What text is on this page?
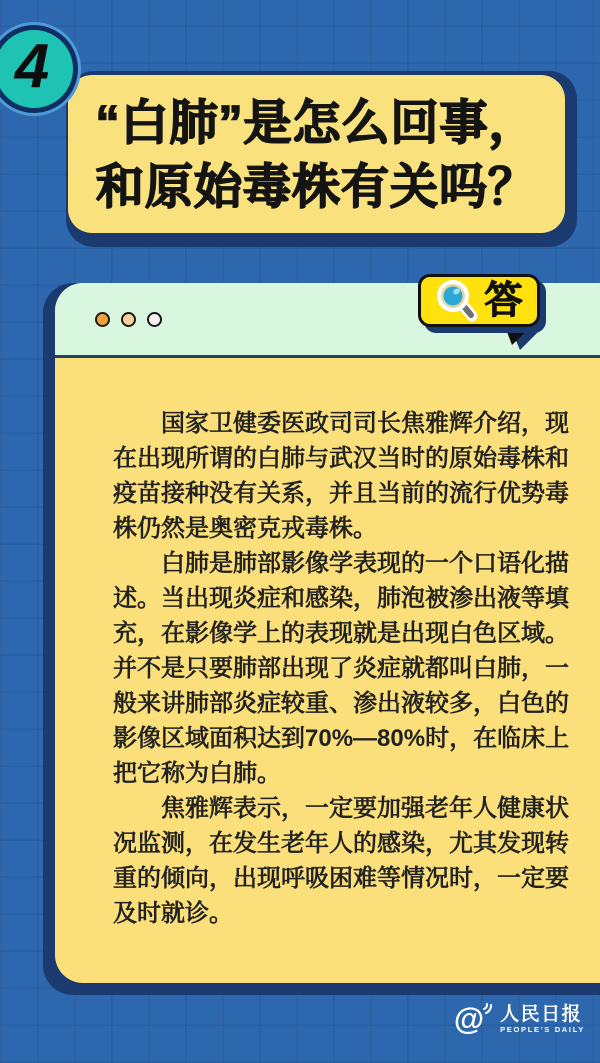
“白肺”是怎么回事，
和原始毒株有关吗？
4

国家卫健委医政司司长焦雅辉介绍，现在出现所谓的白肺与武汉当时的原始毒株和疫苗接种没有关系，并且当前的流行优势毒株仍然是奥密克戎毒株。

白肺是肺部影像学表现的一个口语化描述。当出现炎症和感染，肺泡被渗出液等填充，在影像学上的表现就是出现白色区域。并不是只要肺部出现了炎症就都叫白肺，一般来讲肺部炎症较重、渗出液较多，白色的影像区域面积达到70%—80%时，在临床上把它称为白肺。

焦雅辉表示，一定要加强老年人健康状况监测，在发生老年人的感染，尤其发现转重的倾向，出现呼吸困难等情况时，一定要及时就诊。

答
@ 人民日报
PEOPLE'S DAILY
